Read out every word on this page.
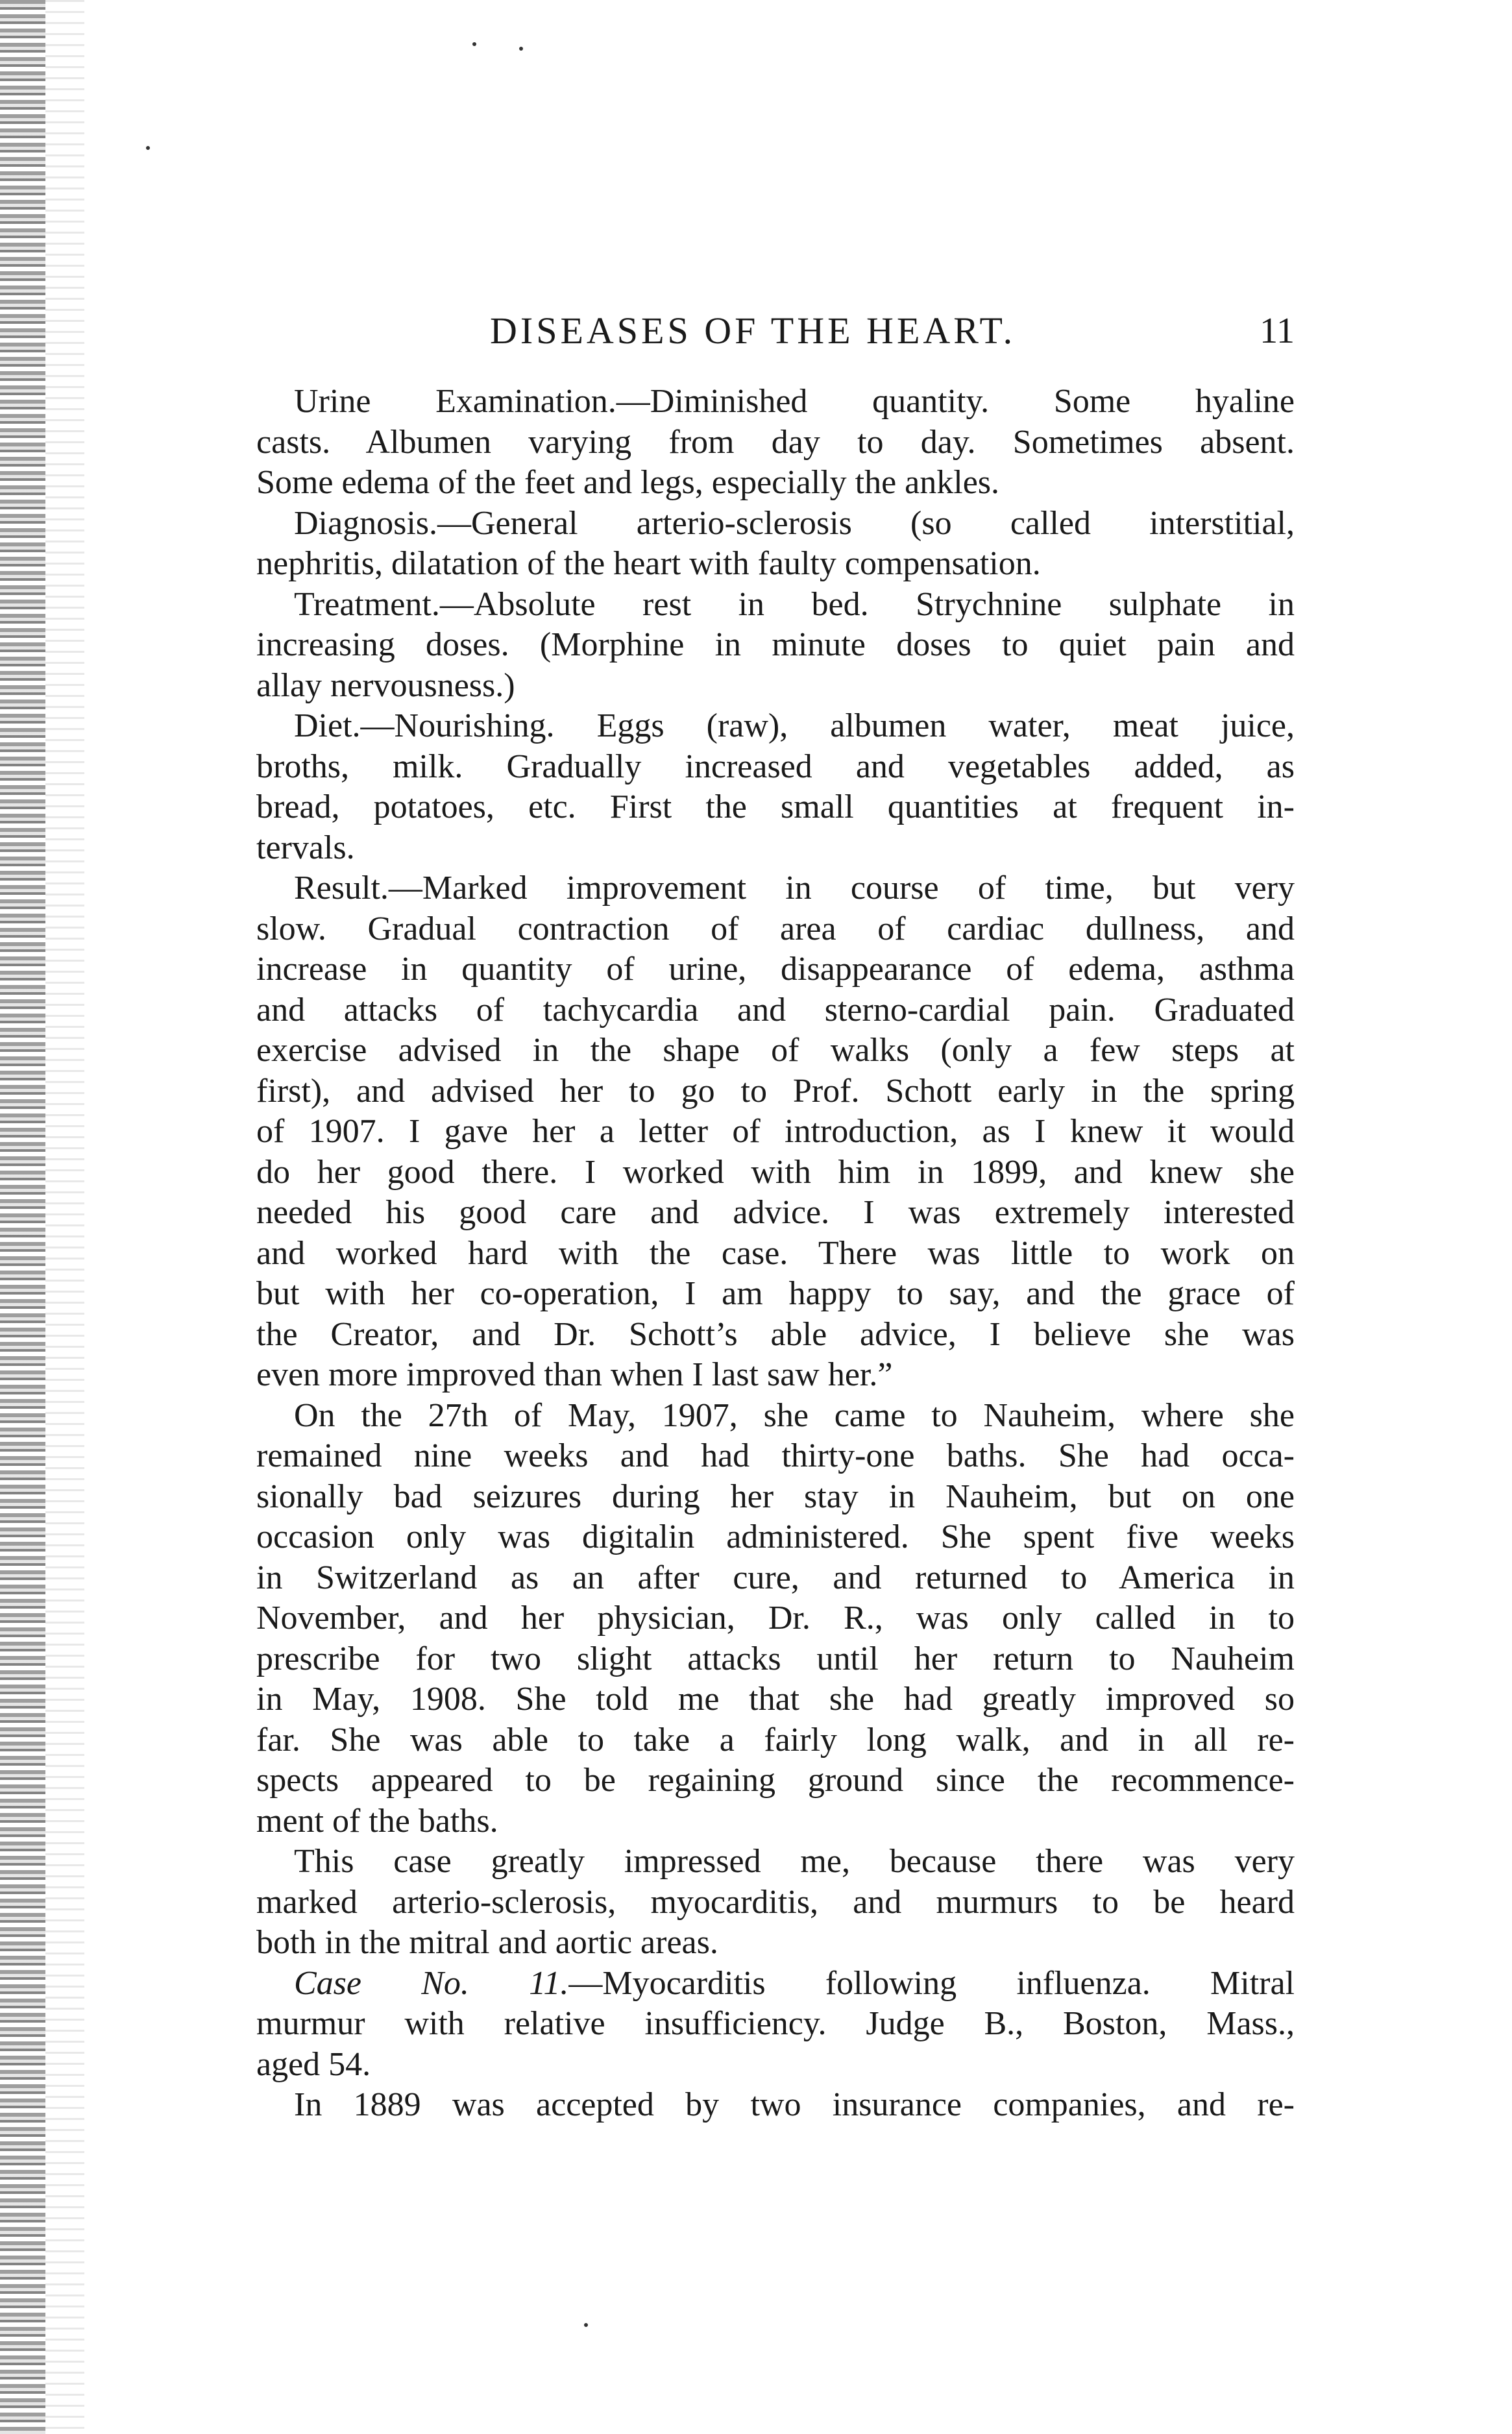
DISEASES OF THE HEART.	11
Urine Examination.—Diminished quantity. Some hyaline
casts. Albumen varying from day to day. Sometimes absent.
Some edema of the feet and legs, especially the ankles.
Diagnosis.—General arterio-sclerosis (so called interstitial,
nephritis, dilatation of the heart with faulty compensation.
Treatment.—Absolute rest in bed. Strychnine sulphate in
increasing doses. (Morphine in minute doses to quiet pain and
allay nervousness.)
Diet.—Nourishing. Eggs (raw), albumen water, meat juice,
broths, milk. Gradually increased and vegetables added, as
bread, potatoes, etc. First the small quantities at frequent in-
tervals.
Result.—Marked improvement in course of time, but very
slow. Gradual contraction of area of cardiac dullness, and
increase in quantity of urine, disappearance of edema, asthma
and attacks of tachycardia and sterno-cardial pain. Graduated
exercise advised in the shape of walks (only a few steps at
first), and advised her to go to Prof. Schott early in the spring
of 1907. I gave her a letter of introduction, as I knew it would
do her good there. I worked with him in 1899, and knew she
needed his good care and advice. I was extremely interested
and worked hard with the case. There was little to work on
but with her co-operation, I am happy to say, and the grace of
the Creator, and Dr. Schott’s able advice, I believe she was
even more improved than when I last saw her.”
On the 27th of May, 1907, she came to Nauheim, where she
remained nine weeks and had thirty-one baths. She had occa-
sionally bad seizures during her stay in Nauheim, but on one
occasion only was digitalin administered. She spent five weeks
in Switzerland as an after cure, and returned to America in
November, and her physician, Dr. R., was only called in to
prescribe for two slight attacks until her return to Nauheim
in May, 1908. She told me that she had greatly improved so
far. She was able to take a fairly long walk, and in all re-
spects appeared to be regaining ground since the recommence-
ment of the baths.
This case greatly impressed me, because there was very
marked arterio-sclerosis, myocarditis, and murmurs to be heard
both in the mitral and aortic areas.
Case No. 11.—Myocarditis following influenza. Mitral
murmur with relative insufficiency. Judge B., Boston, Mass.,
aged 54.
In 1889 was accepted by two insurance companies, and re-
